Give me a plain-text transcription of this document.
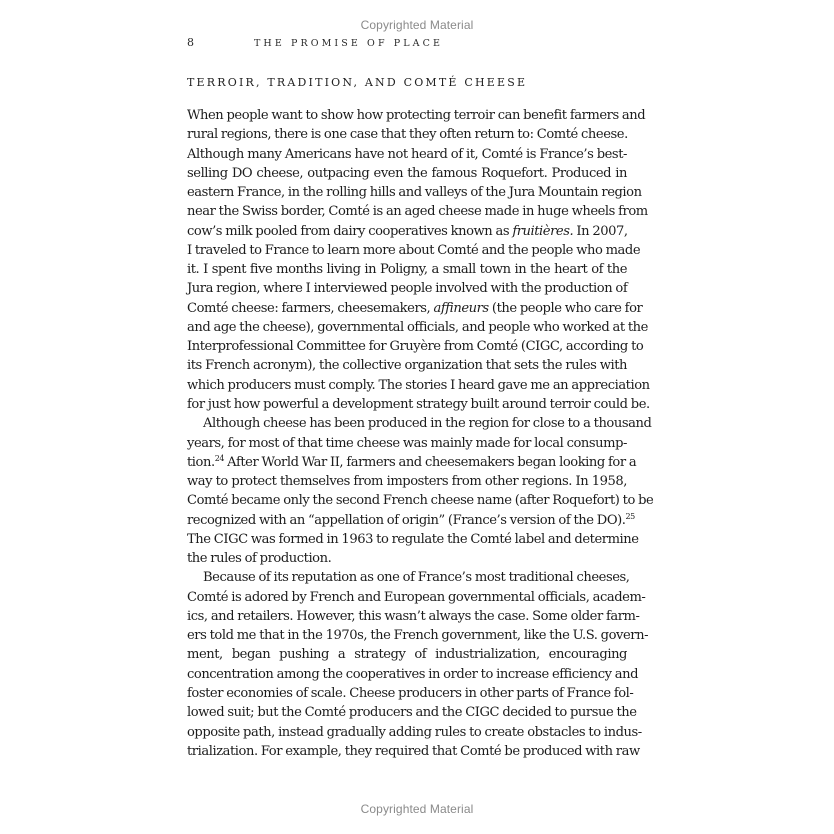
Copyrighted Material
8	THE PROMISE OF PLACE
TERROIR, TRADITION, AND COMTÉ CHEESE
When people want to show how protecting terroir can benefit farmers and
rural regions, there is one case that they often return to: Comté cheese.
Although many Americans have not heard of it, Comté is France’s best-
selling DO cheese, outpacing even the famous Roquefort. Produced in
eastern France, in the rolling hills and valleys of the Jura Mountain region
near the Swiss border, Comté is an aged cheese made in huge wheels from
cow’s milk pooled from dairy cooperatives known as fruitières. In 2007,
I traveled to France to learn more about Comté and the people who made
it. I spent five months living in Poligny, a small town in the heart of the
Jura region, where I interviewed people involved with the production of
Comté cheese: farmers, cheesemakers, affineurs (the people who care for
and age the cheese), governmental officials, and people who worked at the
Interprofessional Committee for Gruyère from Comté (CIGC, according to
its French acronym), the collective organization that sets the rules with
which producers must comply. The stories I heard gave me an appreciation
for just how powerful a development strategy built around terroir could be.
Although cheese has been produced in the region for close to a thousand
years, for most of that time cheese was mainly made for local consump-
tion.$^{24}$ After World War II, farmers and cheesemakers began looking for a
way to protect themselves from imposters from other regions. In 1958,
Comté became only the second French cheese name (after Roquefort) to be
recognized with an “appellation of origin” (France’s version of the DO).$^{25}$
The CIGC was formed in 1963 to regulate the Comté label and determine
the rules of production.
Because of its reputation as one of France’s most traditional cheeses,
Comté is adored by French and European governmental officials, academ-
ics, and retailers. However, this wasn’t always the case. Some older farm-
ers told me that in the 1970s, the French government, like the U.S. govern-
ment, began pushing a strategy of industrialization, encouraging
concentration among the cooperatives in order to increase efficiency and
foster economies of scale. Cheese producers in other parts of France fol-
lowed suit; but the Comté producers and the CIGC decided to pursue the
opposite path, instead gradually adding rules to create obstacles to indus-
trialization. For example, they required that Comté be produced with raw
Copyrighted Material
